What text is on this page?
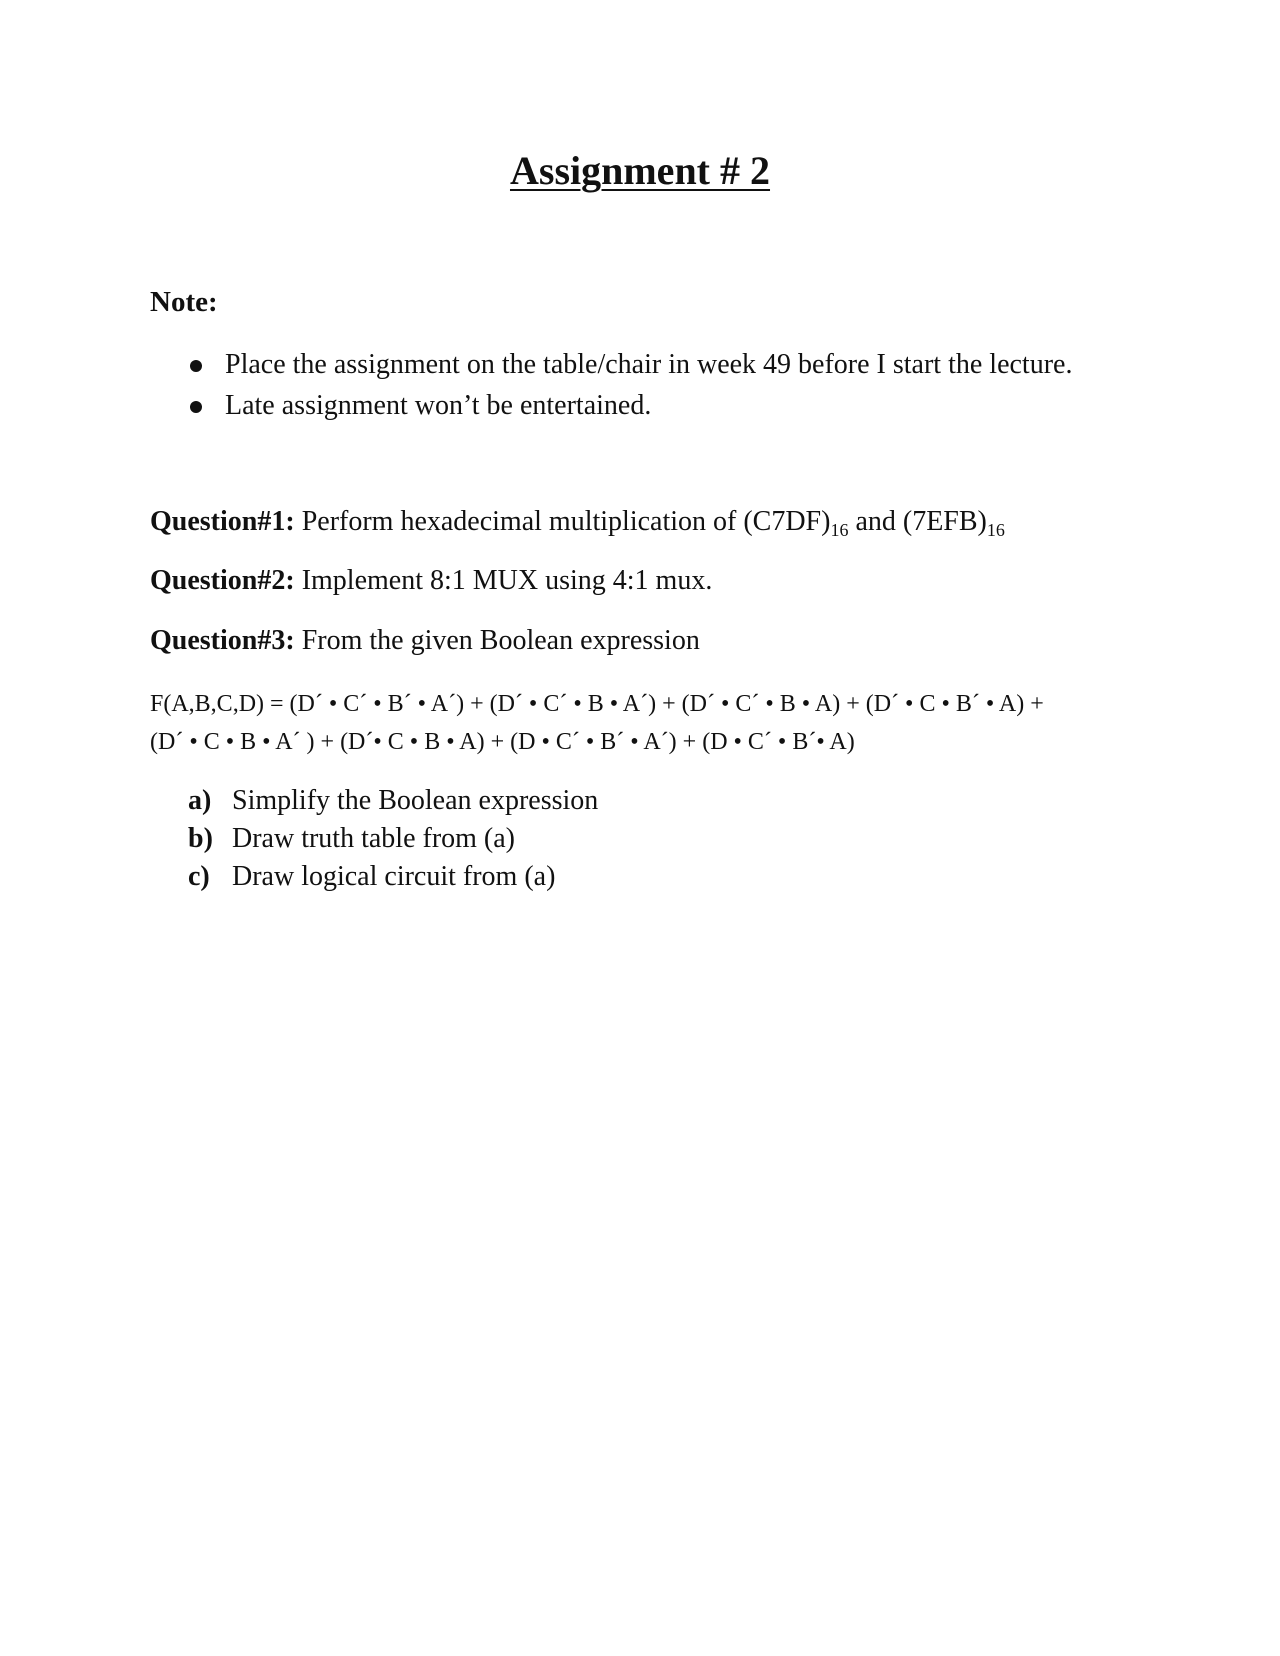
Assignment # 2
Note:
Place the assignment on the table/chair in week 49 before I start the lecture.
Late assignment won’t be entertained.
Question#1: Perform hexadecimal multiplication of $(C7DF)_{16}$ and $(7EFB)_{16}$
Question#2: Implement 8:1 MUX using 4:1 mux.
Question#3: From the given Boolean expression
F(A,B,C,D) = (D´ • C´ • B´ • A´) + (D´ • C´ • B • A´) + (D´ • C´ • B • A) + (D´ • C • B´ • A) +
(D´ • C • B • A´ ) + (D´• C • B • A) + (D • C´ • B´ • A´) + (D • C´ • B´• A)
a) Simplify the Boolean expression
b) Draw truth table from (a)
c) Draw logical circuit from (a)
